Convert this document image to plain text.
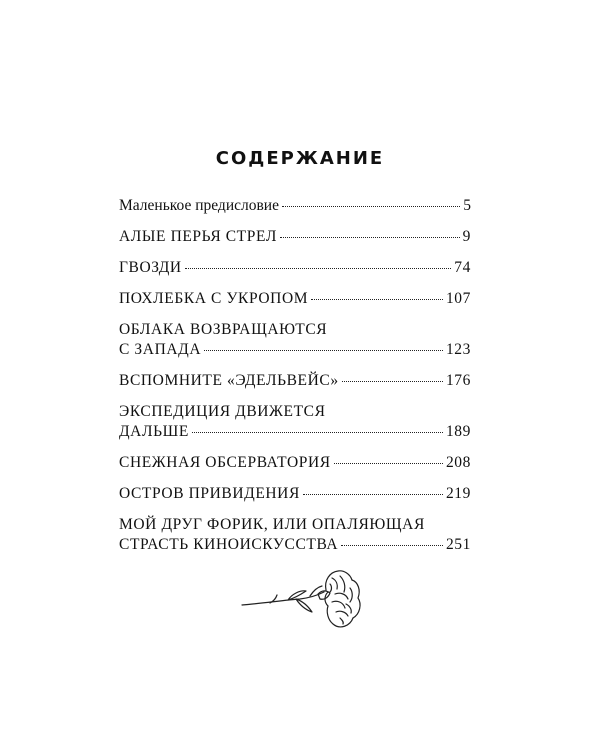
СОДЕРЖАНИЕ
Маленькое предисловие	5
АЛЫЕ ПЕРЬЯ СТРЕЛ	9
ГВОЗДИ	74
ПОХЛЕБКА С УКРОПОМ	107
ОБЛАКА ВОЗВРАЩАЮТСЯ
С ЗАПАДА	123
ВСПОМНИТЕ «ЭДЕЛЬВЕЙС»	176
ЭКСПЕДИЦИЯ ДВИЖЕТСЯ
ДАЛЬШЕ	189
СНЕЖНАЯ ОБСЕРВАТОРИЯ	208
ОСТРОВ ПРИВИДЕНИЯ	219
МОЙ ДРУГ ФОРИК, ИЛИ ОПАЛЯЮЩАЯ
СТРАСТЬ КИНОИСКУССТВА	251
